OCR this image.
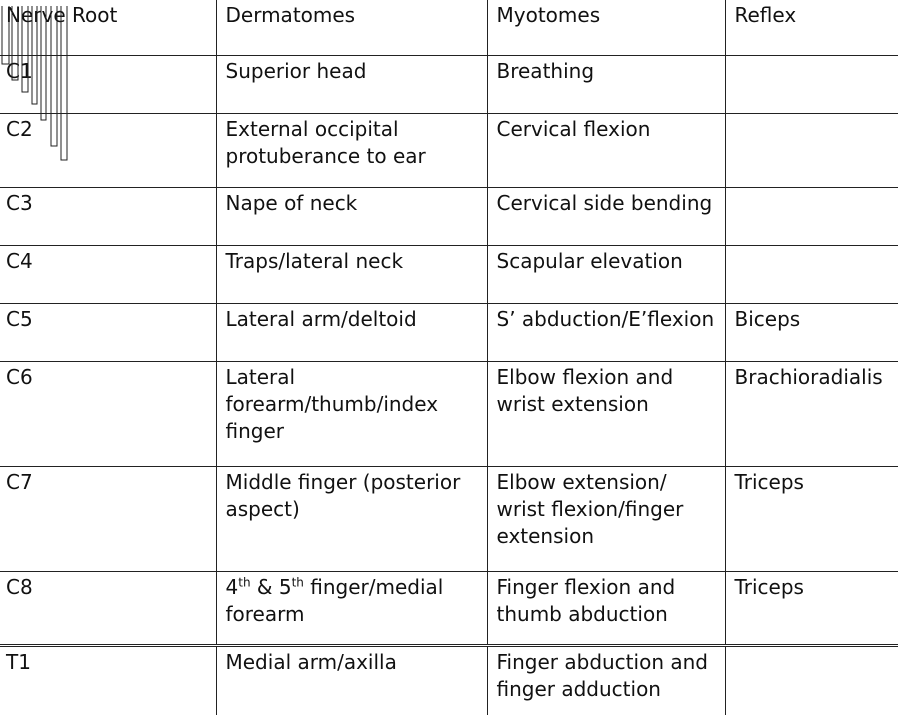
Nerve Root	Dermatomes	Myotomes	Reflex
C1	Superior head	Breathing	
C2	External occipital protuberance to ear	Cervical flexion	
C3	Nape of neck	Cervical side bending	
C4	Traps/lateral neck	Scapular elevation	
C5	Lateral arm/deltoid	S’ abduction/E’flexion	Biceps
C6	Lateral forearm/thumb/index finger	Elbow flexion and wrist extension	Brachioradialis
C7	Middle finger (posterior aspect)	Elbow extension/ wrist flexion/finger extension	Triceps
C8	4th & 5th finger/medial forearm	Finger flexion and thumb abduction	Triceps
T1	Medial arm/axilla	Finger abduction and finger adduction	
